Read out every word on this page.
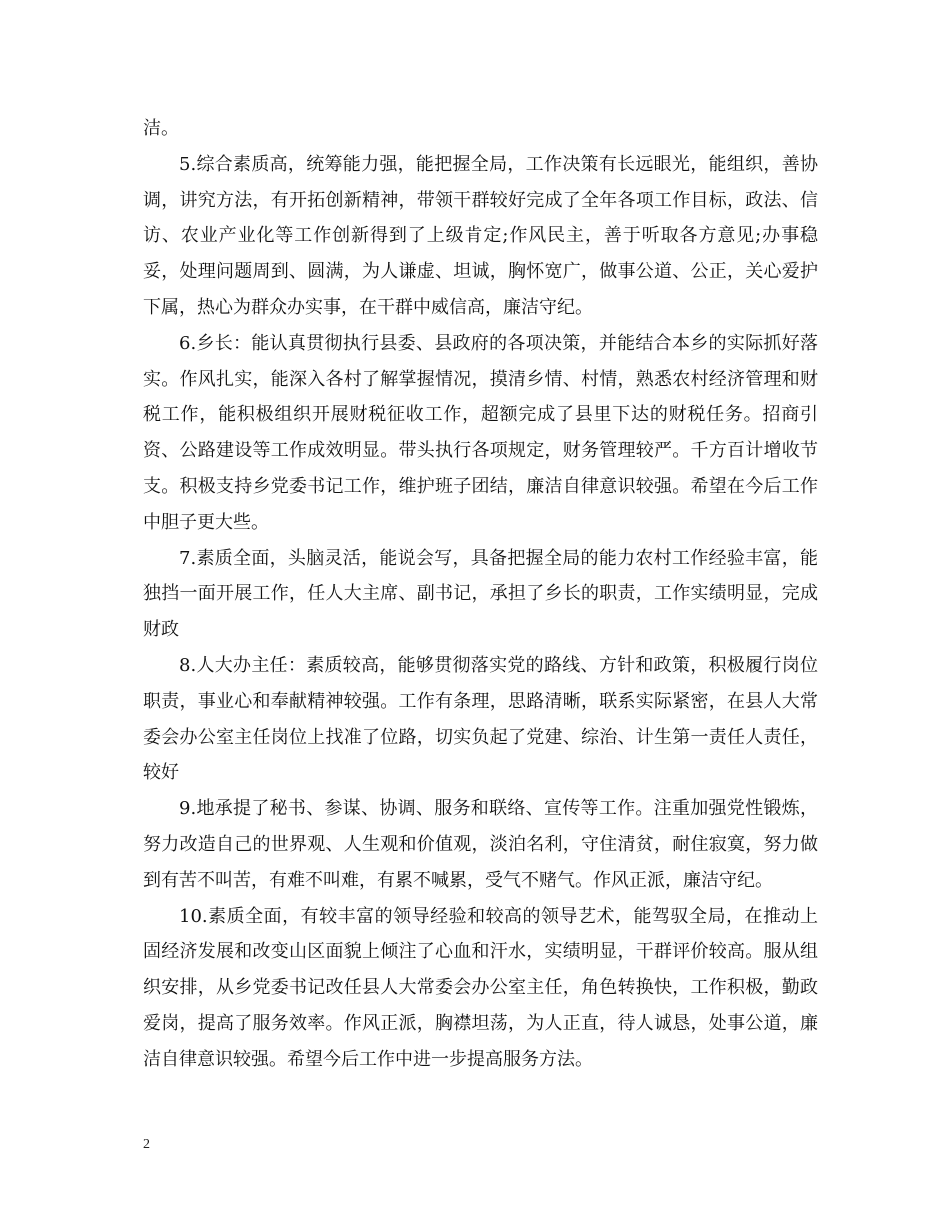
洁。

5.综合素质高，统筹能力强，能把握全局，工作决策有长远眼光，能组织，善协调，讲究方法，有开拓创新精神，带领干群较好完成了全年各项工作目标，政法、信访、农业产业化等工作创新得到了上级肯定;作风民主，善于听取各方意见;办事稳妥，处理问题周到、圆满，为人谦虚、坦诚，胸怀宽广，做事公道、公正，关心爱护下属，热心为群众办实事，在干群中威信高，廉洁守纪。

6.乡长：能认真贯彻执行县委、县政府的各项决策，并能结合本乡的实际抓好落实。作风扎实，能深入各村了解掌握情况，摸清乡情、村情，熟悉农村经济管理和财税工作，能积极组织开展财税征收工作，超额完成了县里下达的财税任务。招商引资、公路建设等工作成效明显。带头执行各项规定，财务管理较严。千方百计增收节支。积极支持乡党委书记工作，维护班子团结，廉洁自律意识较强。希望在今后工作中胆子更大些。

7.素质全面，头脑灵活，能说会写，具备把握全局的能力农村工作经验丰富，能独挡一面开展工作，任人大主席、副书记，承担了乡长的职责，工作实绩明显，完成财政

8.人大办主任：素质较高，能够贯彻落实党的路线、方针和政策，积极履行岗位职责，事业心和奉献精神较强。工作有条理，思路清晰，联系实际紧密，在县人大常委会办公室主任岗位上找准了位路，切实负起了党建、综治、计生第一责任人责任，较好

9.地承提了秘书、参谋、协调、服务和联络、宣传等工作。注重加强党性锻炼，努力改造自己的世界观、人生观和价值观，淡泊名利，守住清贫，耐住寂寞，努力做到有苦不叫苦，有难不叫难，有累不喊累，受气不赌气。作风正派，廉洁守纪。

10.素质全面，有较丰富的领导经验和较高的领导艺术，能驾驭全局，在推动上固经济发展和改变山区面貌上倾注了心血和汗水，实绩明显，干群评价较高。服从组织安排，从乡党委书记改任县人大常委会办公室主任，角色转换快，工作积极，勤政爱岗，提高了服务效率。作风正派，胸襟坦荡，为人正直，待人诚恳，处事公道，廉洁自律意识较强。希望今后工作中进一步提高服务方法。

2
